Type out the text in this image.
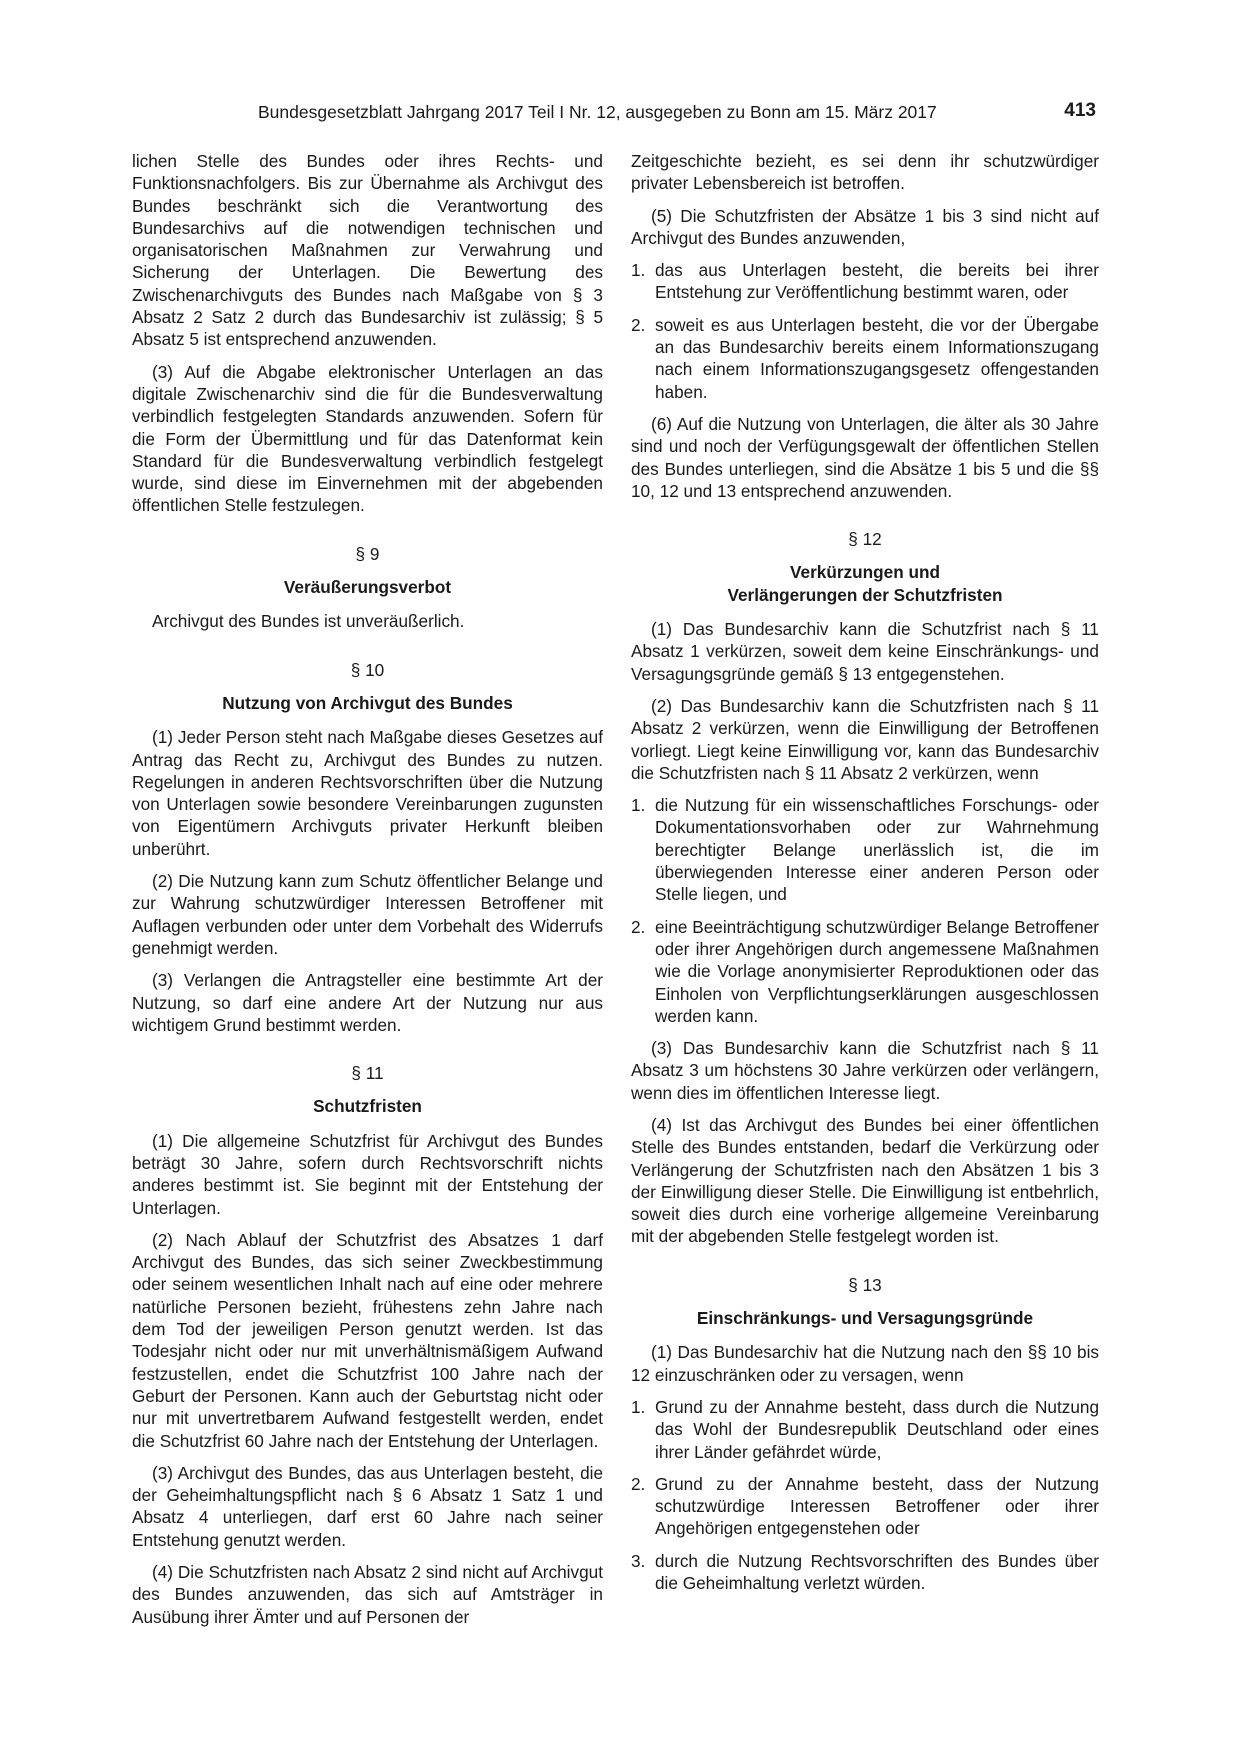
Bundesgesetzblatt Jahrgang 2017 Teil I Nr. 12, ausgegeben zu Bonn am 15. März 2017	413

lichen Stelle des Bundes oder ihres Rechts- und Funktionsnachfolgers. Bis zur Übernahme als Archivgut des Bundes beschränkt sich die Verantwortung des Bundesarchivs auf die notwendigen technischen und organisatorischen Maßnahmen zur Verwahrung und Sicherung der Unterlagen. Die Bewertung des Zwischenarchivguts des Bundes nach Maßgabe von § 3 Absatz 2 Satz 2 durch das Bundesarchiv ist zulässig; § 5 Absatz 5 ist entsprechend anzuwenden.

(3) Auf die Abgabe elektronischer Unterlagen an das digitale Zwischenarchiv sind die für die Bundesverwaltung verbindlich festgelegten Standards anzuwenden. Sofern für die Form der Übermittlung und für das Datenformat kein Standard für die Bundesverwaltung verbindlich festgelegt wurde, sind diese im Einvernehmen mit der abgebenden öffentlichen Stelle festzulegen.

§ 9
Veräußerungsverbot

Archivgut des Bundes ist unveräußerlich.

§ 10
Nutzung von Archivgut des Bundes

(1) Jeder Person steht nach Maßgabe dieses Gesetzes auf Antrag das Recht zu, Archivgut des Bundes zu nutzen. Regelungen in anderen Rechtsvorschriften über die Nutzung von Unterlagen sowie besondere Vereinbarungen zugunsten von Eigentümern Archivguts privater Herkunft bleiben unberührt.

(2) Die Nutzung kann zum Schutz öffentlicher Belange und zur Wahrung schutzwürdiger Interessen Betroffener mit Auflagen verbunden oder unter dem Vorbehalt des Widerrufs genehmigt werden.

(3) Verlangen die Antragsteller eine bestimmte Art der Nutzung, so darf eine andere Art der Nutzung nur aus wichtigem Grund bestimmt werden.

§ 11
Schutzfristen

(1) Die allgemeine Schutzfrist für Archivgut des Bundes beträgt 30 Jahre, sofern durch Rechtsvorschrift nichts anderes bestimmt ist. Sie beginnt mit der Entstehung der Unterlagen.

(2) Nach Ablauf der Schutzfrist des Absatzes 1 darf Archivgut des Bundes, das sich seiner Zweckbestimmung oder seinem wesentlichen Inhalt nach auf eine oder mehrere natürliche Personen bezieht, frühestens zehn Jahre nach dem Tod der jeweiligen Person genutzt werden. Ist das Todesjahr nicht oder nur mit unverhältnismäßigem Aufwand festzustellen, endet die Schutzfrist 100 Jahre nach der Geburt der Personen. Kann auch der Geburtstag nicht oder nur mit unvertretbarem Aufwand festgestellt werden, endet die Schutzfrist 60 Jahre nach der Entstehung der Unterlagen.

(3) Archivgut des Bundes, das aus Unterlagen besteht, die der Geheimhaltungspflicht nach § 6 Absatz 1 Satz 1 und Absatz 4 unterliegen, darf erst 60 Jahre nach seiner Entstehung genutzt werden.

(4) Die Schutzfristen nach Absatz 2 sind nicht auf Archivgut des Bundes anzuwenden, das sich auf Amtsträger in Ausübung ihrer Ämter und auf Personen der

Zeitgeschichte bezieht, es sei denn ihr schutzwürdiger privater Lebensbereich ist betroffen.

(5) Die Schutzfristen der Absätze 1 bis 3 sind nicht auf Archivgut des Bundes anzuwenden,

1. das aus Unterlagen besteht, die bereits bei ihrer Entstehung zur Veröffentlichung bestimmt waren, oder
2. soweit es aus Unterlagen besteht, die vor der Übergabe an das Bundesarchiv bereits einem Informationszugang nach einem Informationszugangsgesetz offengestanden haben.

(6) Auf die Nutzung von Unterlagen, die älter als 30 Jahre sind und noch der Verfügungsgewalt der öffentlichen Stellen des Bundes unterliegen, sind die Absätze 1 bis 5 und die §§ 10, 12 und 13 entsprechend anzuwenden.

§ 12
Verkürzungen und
Verlängerungen der Schutzfristen

(1) Das Bundesarchiv kann die Schutzfrist nach § 11 Absatz 1 verkürzen, soweit dem keine Einschränkungs- und Versagungsgründe gemäß § 13 entgegenstehen.

(2) Das Bundesarchiv kann die Schutzfristen nach § 11 Absatz 2 verkürzen, wenn die Einwilligung der Betroffenen vorliegt. Liegt keine Einwilligung vor, kann das Bundesarchiv die Schutzfristen nach § 11 Absatz 2 verkürzen, wenn

1. die Nutzung für ein wissenschaftliches Forschungs- oder Dokumentationsvorhaben oder zur Wahrnehmung berechtigter Belange unerlässlich ist, die im überwiegenden Interesse einer anderen Person oder Stelle liegen, und
2. eine Beeinträchtigung schutzwürdiger Belange Betroffener oder ihrer Angehörigen durch angemessene Maßnahmen wie die Vorlage anonymisierter Reproduktionen oder das Einholen von Verpflichtungserklärungen ausgeschlossen werden kann.

(3) Das Bundesarchiv kann die Schutzfrist nach § 11 Absatz 3 um höchstens 30 Jahre verkürzen oder verlängern, wenn dies im öffentlichen Interesse liegt.

(4) Ist das Archivgut des Bundes bei einer öffentlichen Stelle des Bundes entstanden, bedarf die Verkürzung oder Verlängerung der Schutzfristen nach den Absätzen 1 bis 3 der Einwilligung dieser Stelle. Die Einwilligung ist entbehrlich, soweit dies durch eine vorherige allgemeine Vereinbarung mit der abgebenden Stelle festgelegt worden ist.

§ 13
Einschränkungs- und Versagungsgründe

(1) Das Bundesarchiv hat die Nutzung nach den §§ 10 bis 12 einzuschränken oder zu versagen, wenn

1. Grund zu der Annahme besteht, dass durch die Nutzung das Wohl der Bundesrepublik Deutschland oder eines ihrer Länder gefährdet würde,
2. Grund zu der Annahme besteht, dass der Nutzung schutzwürdige Interessen Betroffener oder ihrer Angehörigen entgegenstehen oder
3. durch die Nutzung Rechtsvorschriften des Bundes über die Geheimhaltung verletzt würden.
